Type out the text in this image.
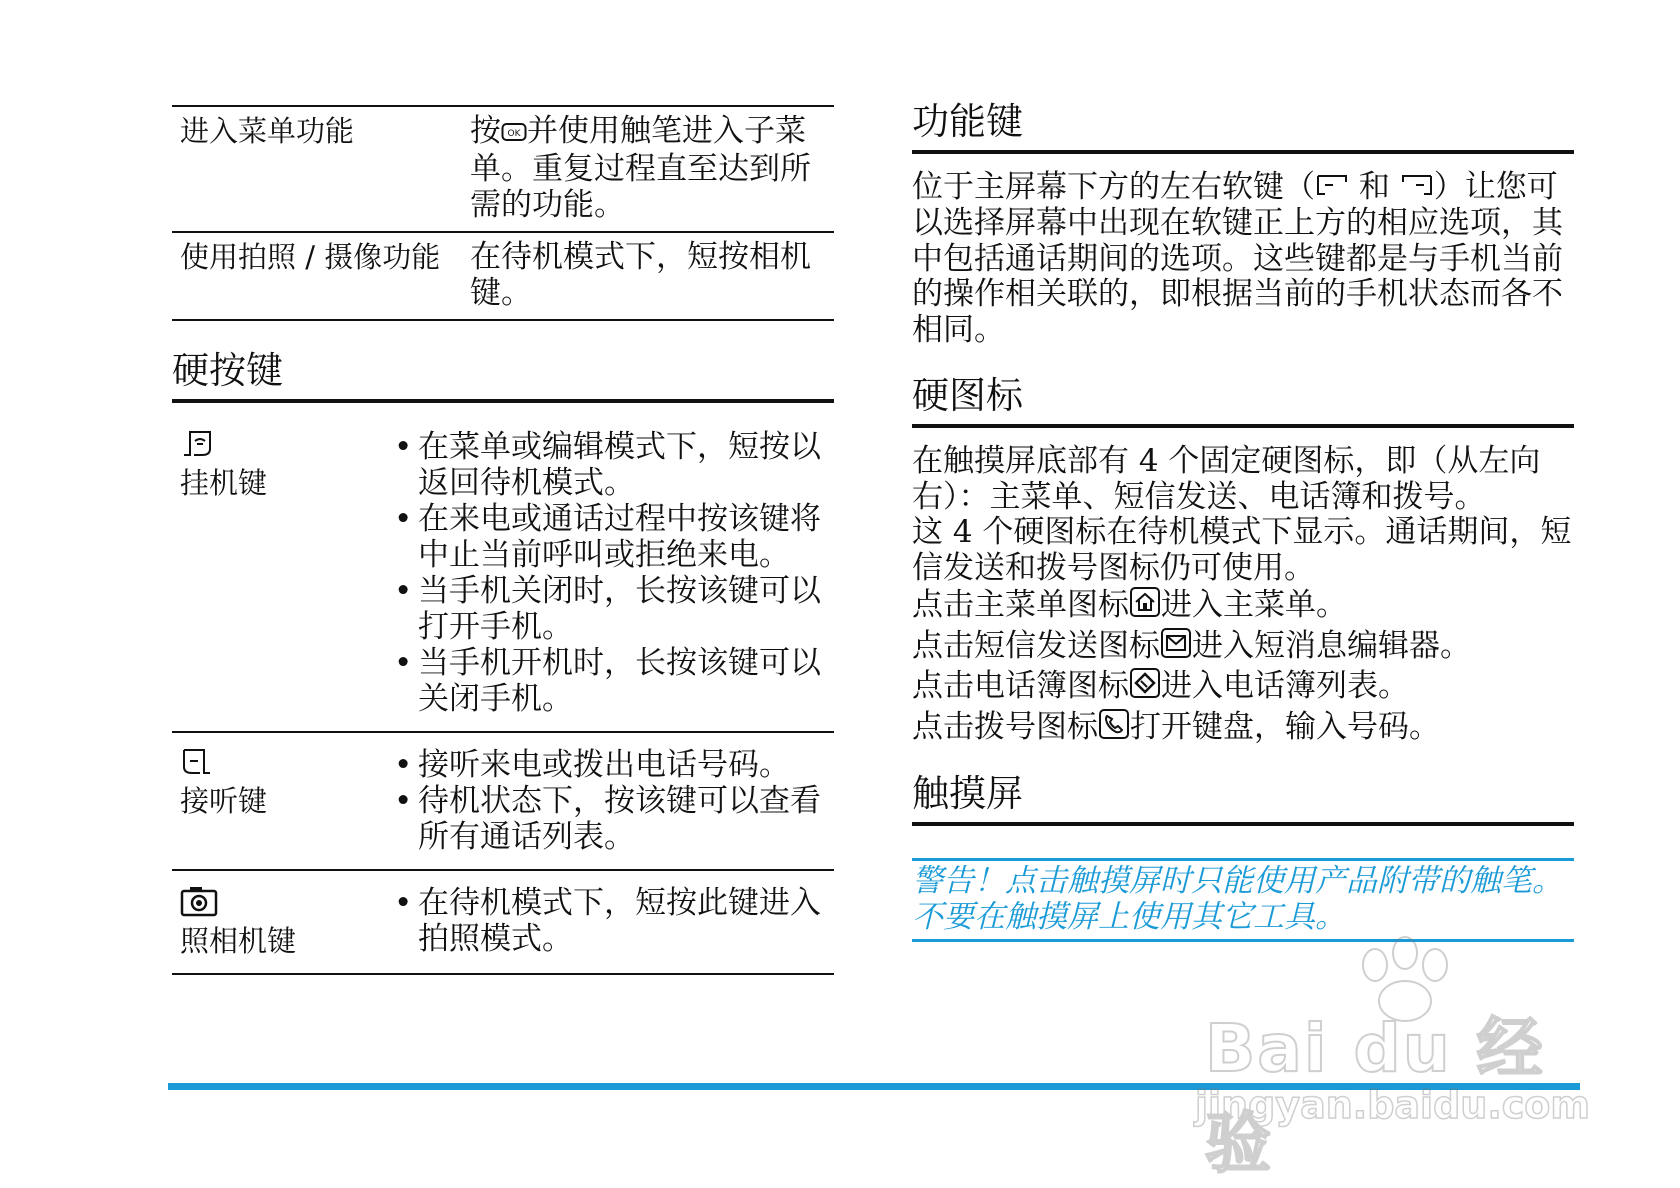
进入菜单功能	按 OK 并使用触笔进入子菜单。重复过程直至达到所需的功能。
使用拍照 / 摄像功能 在待机模式下，短按相机键。
硬按键
挂机键
• 在菜单或编辑模式下，短按以返回待机模式。
• 在来电或通话过程中按该键将中止当前呼叫或拒绝来电。
• 当手机关闭时，长按该键可以打开手机。
• 当手机开机时，长按该键可以关闭手机。
接听键
• 接听来电或拨出电话号码。
• 待机状态下，按该键可以查看所有通话列表。
照相机键
• 在待机模式下，短按此键进入拍照模式。
功能键

位于主屏幕下方的左右软键（ 和 ）让您可以选择屏幕中出现在软键正上方的相应选项，其中包括通话期间的选项。这些键都是与手机当前的操作相关联的，即根据当前的手机状态而各不相同。

硬图标

在触摸屏底部有 4 个固定硬图标，即（从左向右）：主菜单、短信发送、电话簿和拨号。

这 4 个硬图标在待机模式下显示。通话期间，短信发送和拨号图标仍可使用。

点击主菜单图标 进入主菜单。

点击短信发送图标 进入短消息编辑器。

点击电话簿图标 进入电话簿列表。

点击拨号图标 打开键盘，输入号码。

触摸屏
警告！点击触摸屏时只能使用产品附带的触笔。不要在触摸屏上使用其它工具。
Bai du 经验
jingyan.baidu.com
